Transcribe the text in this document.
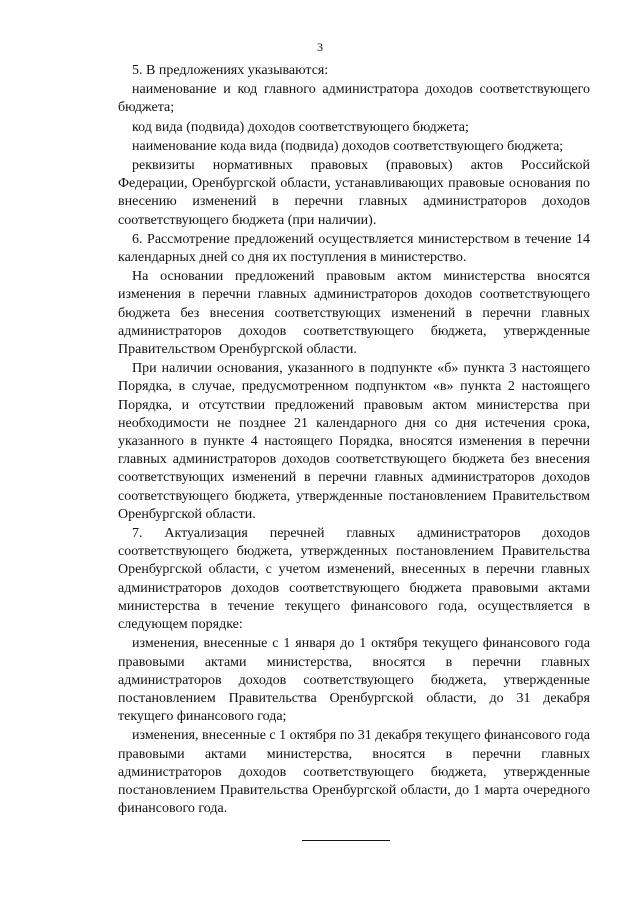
3

5. В предложениях указываются:

наименование и код главного администратора доходов соответствующего бюджета;

код вида (подвида) доходов соответствующего бюджета;

наименование кода вида (подвида) доходов соответствующего бюджета;

реквизиты нормативных правовых (правовых) актов Российской Федерации, Оренбургской области, устанавливающих правовые основания по внесению изменений в перечни главных администраторов доходов соответствующего бюджета (при наличии).

6. Рассмотрение предложений осуществляется министерством в течение 14 календарных дней со дня их поступления в министерство.

На основании предложений правовым актом министерства вносятся изменения в перечни главных администраторов доходов соответствующего бюджета без внесения соответствующих изменений в перечни главных администраторов доходов соответствующего бюджета, утвержденные Правительством Оренбургской области.

При наличии основания, указанного в подпункте «б» пункта 3 настоящего Порядка, в случае, предусмотренном подпунктом «в» пункта 2 настоящего Порядка, и отсутствии предложений правовым актом министерства при необходимости не позднее 21 календарного дня со дня истечения срока, указанного в пункте 4 настоящего Порядка, вносятся изменения в перечни главных администраторов доходов соответствующего бюджета без внесения соответствующих изменений в перечни главных администраторов доходов соответствующего бюджета, утвержденные постановлением Правительством Оренбургской области.

7. Актуализация перечней главных администраторов доходов соответствующего бюджета, утвержденных постановлением Правительства Оренбургской области, с учетом изменений, внесенных в перечни главных администраторов доходов соответствующего бюджета правовыми актами министерства в течение текущего финансового года, осуществляется в следующем порядке:

изменения, внесенные с 1 января до 1 октября текущего финансового года правовыми актами министерства, вносятся в перечни главных администраторов доходов соответствующего бюджета, утвержденные постановлением Правительства Оренбургской области, до 31 декабря текущего финансового года;

изменения, внесенные с 1 октября по 31 декабря текущего финансового года правовыми актами министерства, вносятся в перечни главных администраторов доходов соответствующего бюджета, утвержденные постановлением Правительства Оренбургской области, до 1 марта очередного финансового года.
